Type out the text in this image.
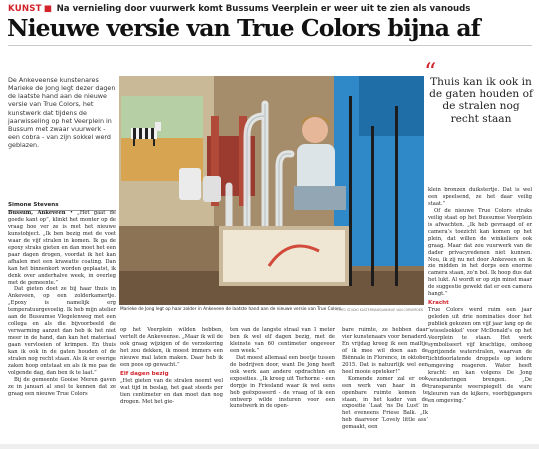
KUNST ■ Na vernieling door vuurwerk komt Bussums Veerplein er weer uit te zien als vanouds
Nieuwe versie van True Colors bijna af
De Ankeveense kunstenares Marieke de Jong legt dezer dagen de laatste hand aan de nieuwe versie van True Colors, het kunstwerk dat tijdens de jaarwisseling op het Veerplein in Bussum met zwaar vuurwerk - een cobra - van zijn sokkel werd geblazen.
Simone Stevens

Bussum, Ankeveen • „Het gaat de goede kant op”, klinkt het monter op de vraag hoe ver ze is met het nieuwe kunstobject. „Ik ben bezig met de voet waar de vijf stralen in komen. Ik ga de epoxy straks gieten en dan moet het een paar dagen drogen, voordat ik het kan afhalen met een krawatte coating. Dan kan het binnenkort worden geplaatst, ik denk over anderhalve week, in overleg met de gemeente.”

Dat gieten doet ze bij haar thuis in Ankeveen, op een zolderkamertje. „Epoxy is namelijk erg temperatuurgevoelig. Ik heb mijn atelier aan de Bussumse Vlegelenweg met een collega en als die bijvoorbeeld de verwarming aanzet dan heb ik het niet meer in de hand, dan kan het materiaal gaan vervloeien of krimpen. En thuis kan ik ook in de gaten houden of de stralen nog recht staan. Als ik er overige zaken hoop ontstaat en als ik me pas de volgende dag, dan ben ik te laat.”

Bij de gemeente Gooise Meren gaven ze in januari al snel te kennen dat ze graag een nieuwe True Colors

Marieke de Jong legt op haar zolder in Ankeveen de laatste hand aan de nieuwe versie van True Colors.
FOTO STUDIO KASTERMANS/ANNELIE VAN CORVERDEN
“
Thuis kan ik ook in de gaten houden of de stralen nog recht staan

op het Veerplein wilden hebben, vertelt de Ankeveense. „Maar ik wil de ook graag wijzigen of de verzekering het zou dekken, ik moest immers een nieuwe mal laten maken. Daar heb ik een poos op gewacht.”

Elf dagen bezig

„Het gieten van de stralen neemt wel wat tijd in beslag, het gaat steeds per tien centimeter en dan moet dan nog drogen. Met het gie-

ten van de langste straal van 1 meter ben ik wel elf dagen bezig, met de kleinste van 60 centimeter ongeveer een week.”

Dat moest allemaal een beetje tussen de bedrijven door, want De Jong heeft ook werk aan andere opdrachten en exposities. „Ik kreeg uit Terhorne - een dorpje in Friesland waar ik wel eens heb geëxposeerd - de vraag of ik een ontwerp wilde insturen voor een kunstwerk in de open-

bare ruimte, ze hebben daar vier kunstenaars voor benaderd. En vrijdag kreeg ik een mailtje of ik mee wil doen aan de Biënnale in Florence, in oktober 2015. Dat is natuurlijk wel een heel mooie opsteker!”

Komende zomer zal er ook een werk van haar in de openbare ruimte komen te staan, in het kader van de expositie ‘Laat ’ns De Lust’ in het eveneens Friese Balk. „Ik heb daarvoor ‘Lovely little ass’ gemaakt, een

klein bronzen duikstertje. Dat is wel een speelsend, ze het daar veilig staat.”

Of de nieuwe True Colors straks veilig staat op het Bussumse Veerplein is afwachten. „Ik heb gevraagd of er camera’s toezicht kan komen op het plein, dat willen de winkeliers ook graag. Maar dat zou vuurwerk van de dader privacyredenen niet kunnen. Nou, ik zij nu net door Ankeveen en ik zie midden in het dorps een enorme camera staan, zo’n bol. Ik hoop dus dat het lukt. Al wordt er op zijn minst maar de suggestie gewekt dat er een camera hangt.”

Kracht

True Colors werd ruim een jaar geleden uit drie nominaties door het publiek gekozen om vijf jaar lang op de ‘wisselsokkel’ voor McDonald’s op het Veerplein te staan. Het werk symboliseert vijf krachtige, omhoog oprijzende waterstralen, waarvan de lichtdoorlatende droppels op iedere omgeving reageren. Water heeft kracht: en kan volgens De Jong veranderingen brengen. „De transparante weerspiegelt de ware kleuren van de kijkers, voorbijgangers en omgeving.”
